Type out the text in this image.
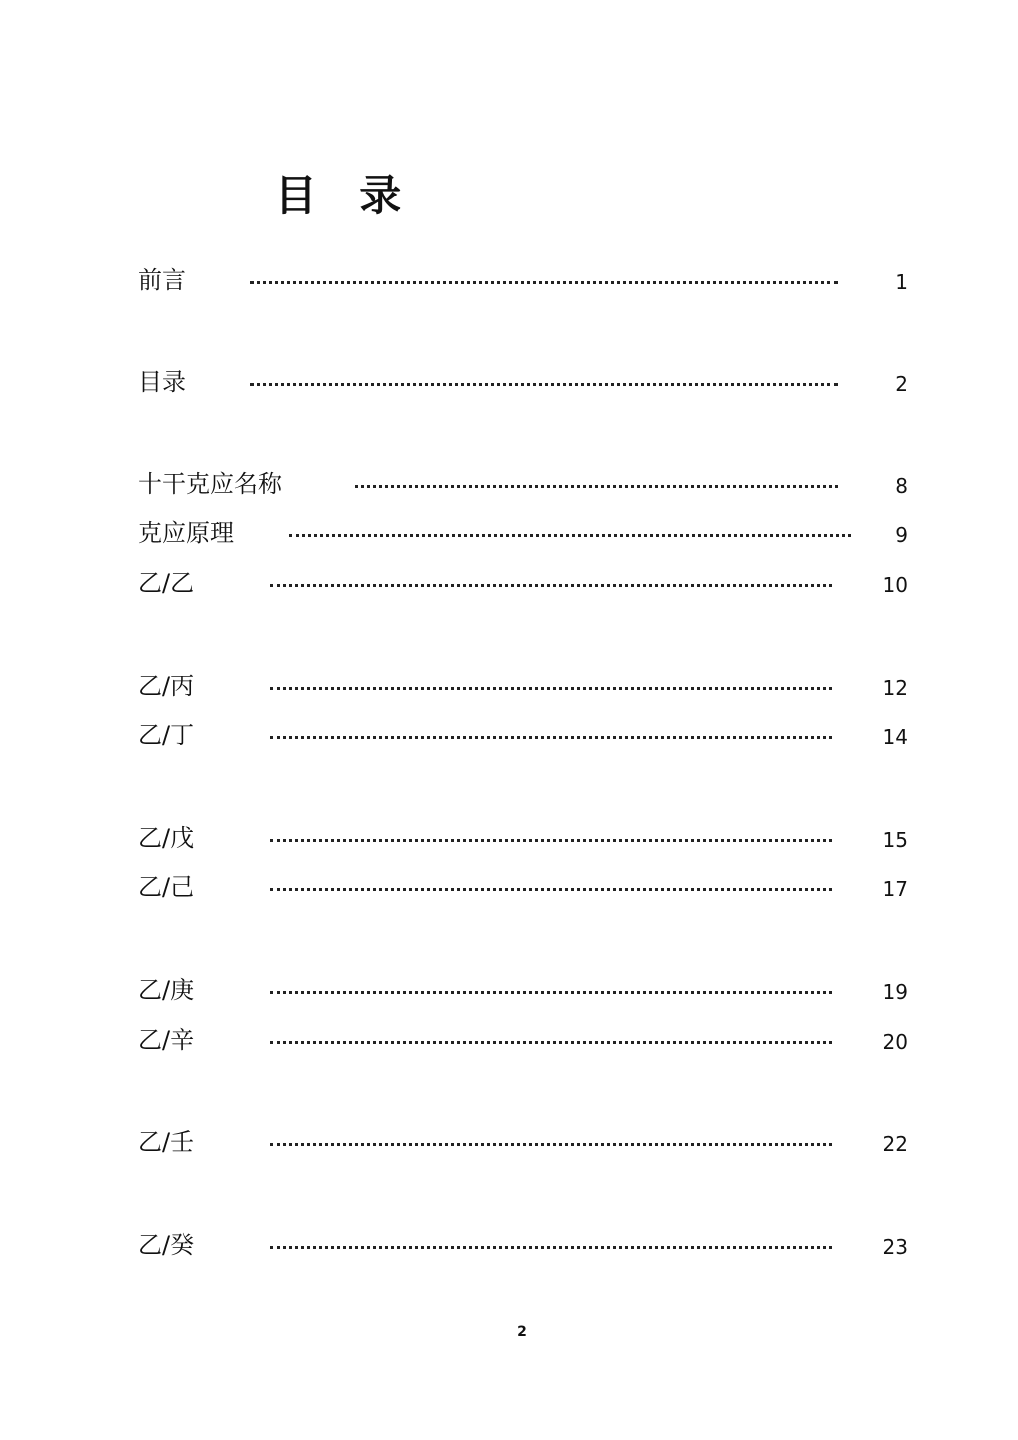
目 录
前言	1
目录	2
十干克应名称	8
克应原理	9
乙/乙	10
乙/丙	12
乙/丁	14
乙/戊	15
乙/己	17
乙/庚	19
乙/辛	20
乙/壬	22
乙/癸	23
2
